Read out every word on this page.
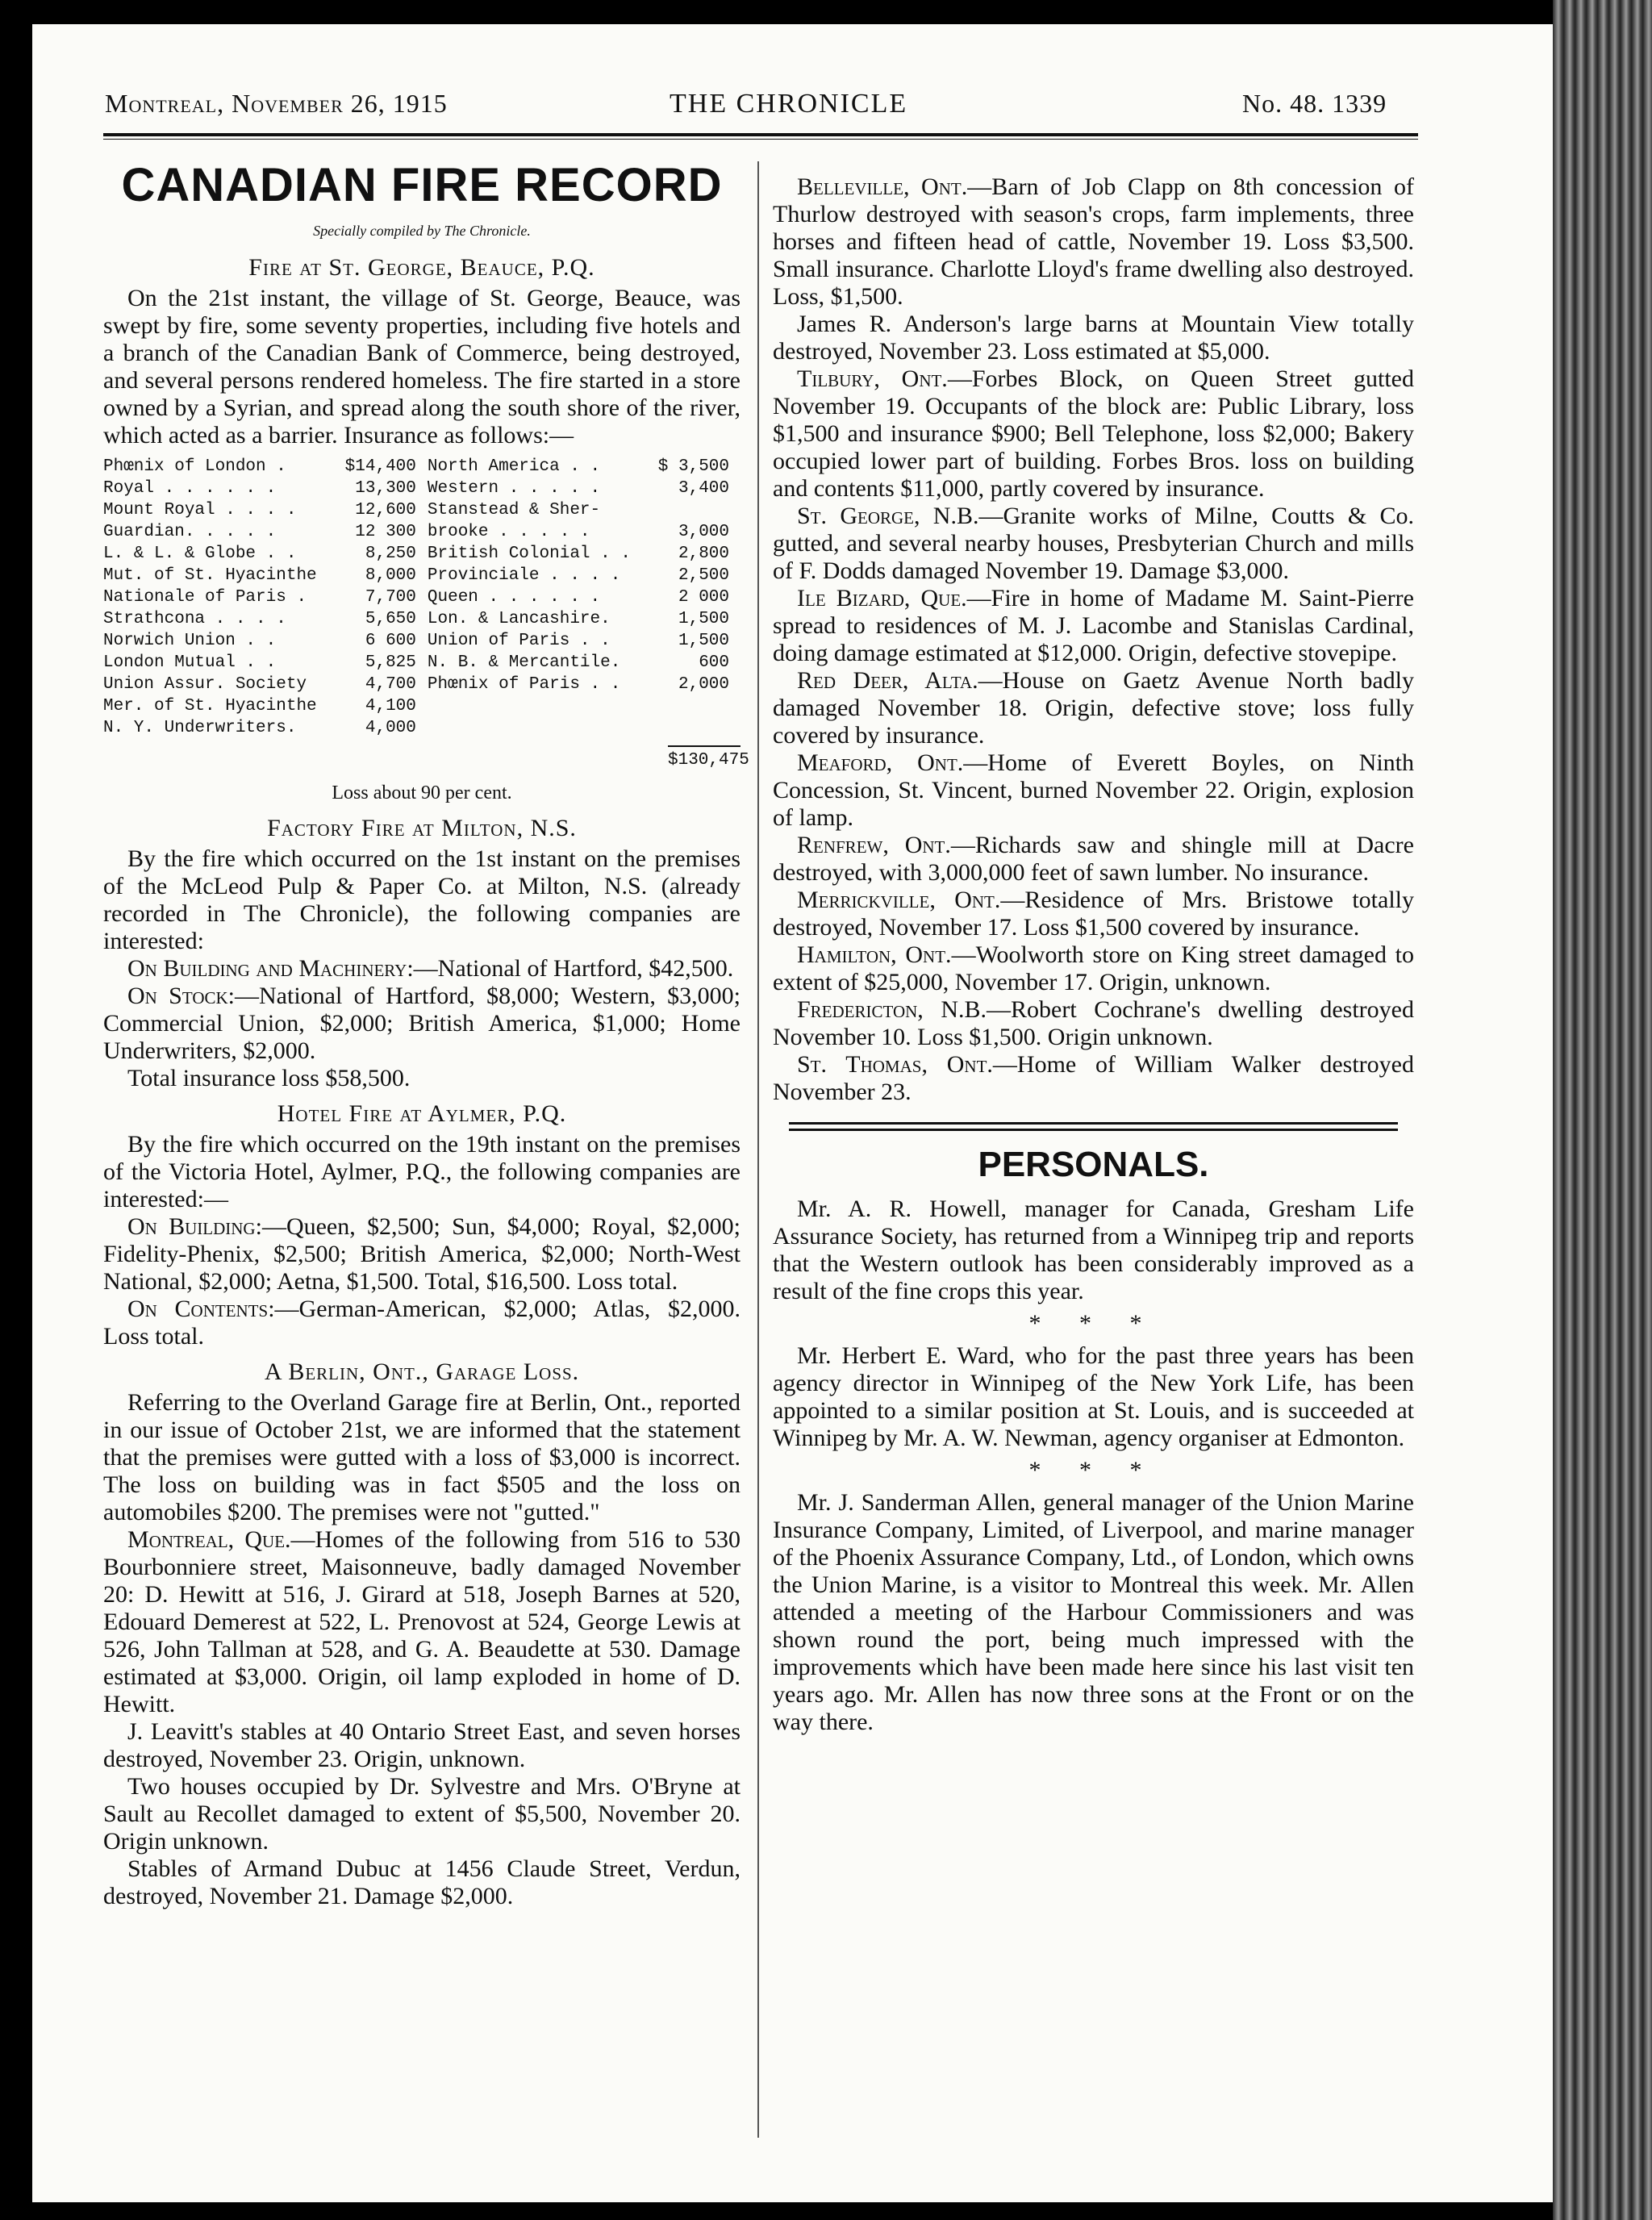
Montreal, November 26, 1915	THE CHRONICLE	No. 48. 1339
CANADIAN FIRE RECORD
Specially compiled by The Chronicle.
Fire at St. George, Beauce, P.Q.

On the 21st instant, the village of St. George, Beauce, was swept by fire, some seventy properties, including five hotels and a branch of the Canadian Bank of Commerce, being destroyed, and several persons rendered homeless. The fire started in a store owned by a Syrian, and spread along the south shore of the river, which acted as a barrier. Insurance as follows:—

Phœnix of London .	$14,400	North America . .	$ 3,500
Royal . . . . . .	13,300	Western . . . . .	3,400
Mount Royal . . . .	12,600	Stanstead & Sher-	
Guardian. . . . .	12 300	brooke . . . . .	3,000
L. & L. & Globe . .	8,250	British Colonial . .	2,800
Mut. of St. Hyacinthe	8,000	Provinciale . . . .	2,500
Nationale of Paris .	7,700	Queen . . . . . .	2 000
Strathcona . . . .	5,650	Lon. & Lancashire.	1,500
Norwich Union . .	6 600	Union of Paris . .	1,500
London Mutual . .	5,825	N. B. & Mercantile.	600
Union Assur. Society	4,700	Phœnix of Paris . .	2,000
Mer. of St. Hyacinthe	4,100		
N. Y. Underwriters.	4,000		
$130,475
Loss about 90 per cent.
Factory Fire at Milton, N.S.

By the fire which occurred on the 1st instant on the premises of the McLeod Pulp & Paper Co. at Milton, N.S. (already recorded in The Chronicle), the following companies are interested:

On Building and Machinery:—National of Hartford, $42,500.

On Stock:—National of Hartford, $8,000; Western, $3,000; Commercial Union, $2,000; British America, $1,000; Home Underwriters, $2,000.

Total insurance loss $58,500.

Hotel Fire at Aylmer, P.Q.

By the fire which occurred on the 19th instant on the premises of the Victoria Hotel, Aylmer, P.Q., the following companies are interested:—

On Building:—Queen, $2,500; Sun, $4,000; Royal, $2,000; Fidelity-Phenix, $2,500; British America, $2,000; North-West National, $2,000; Aetna, $1,500. Total, $16,500. Loss total.

On Contents:—German-American, $2,000; Atlas, $2,000. Loss total.

A Berlin, Ont., Garage Loss.

Referring to the Overland Garage fire at Berlin, Ont., reported in our issue of October 21st, we are informed that the statement that the premises were gutted with a loss of $3,000 is incorrect. The loss on building was in fact $505 and the loss on automobiles $200. The premises were not "gutted."

Montreal, Que.—Homes of the following from 516 to 530 Bourbonniere street, Maisonneuve, badly damaged November 20: D. Hewitt at 516, J. Girard at 518, Joseph Barnes at 520, Edouard Demerest at 522, L. Prenovost at 524, George Lewis at 526, John Tallman at 528, and G. A. Beaudette at 530. Damage estimated at $3,000. Origin, oil lamp exploded in home of D. Hewitt.

J. Leavitt's stables at 40 Ontario Street East, and seven horses destroyed, November 23. Origin, unknown.

Two houses occupied by Dr. Sylvestre and Mrs. O'Bryne at Sault au Recollet damaged to extent of $5,500, November 20. Origin unknown.

Stables of Armand Dubuc at 1456 Claude Street, Verdun, destroyed, November 21. Damage $2,000.

Belleville, Ont.—Barn of Job Clapp on 8th concession of Thurlow destroyed with season's crops, farm implements, three horses and fifteen head of cattle, November 19. Loss $3,500. Small insurance. Charlotte Lloyd's frame dwelling also destroyed. Loss, $1,500.

James R. Anderson's large barns at Mountain View totally destroyed, November 23. Loss estimated at $5,000.

Tilbury, Ont.—Forbes Block, on Queen Street gutted November 19. Occupants of the block are: Public Library, loss $1,500 and insurance $900; Bell Telephone, loss $2,000; Bakery occupied lower part of building. Forbes Bros. loss on building and contents $11,000, partly covered by insurance.

St. George, N.B.—Granite works of Milne, Coutts & Co. gutted, and several nearby houses, Presbyterian Church and mills of F. Dodds damaged November 19. Damage $3,000.

Ile Bizard, Que.—Fire in home of Madame M. Saint-Pierre spread to residences of M. J. Lacombe and Stanislas Cardinal, doing damage estimated at $12,000. Origin, defective stovepipe.

Red Deer, Alta.—House on Gaetz Avenue North badly damaged November 18. Origin, defective stove; loss fully covered by insurance.

Meaford, Ont.—Home of Everett Boyles, on Ninth Concession, St. Vincent, burned November 22. Origin, explosion of lamp.

Renfrew, Ont.—Richards saw and shingle mill at Dacre destroyed, with 3,000,000 feet of sawn lumber. No insurance.

Merrickville, Ont.—Residence of Mrs. Bristowe totally destroyed, November 17. Loss $1,500 covered by insurance.

Hamilton, Ont.—Woolworth store on King street damaged to extent of $25,000, November 17. Origin, unknown.

Fredericton, N.B.—Robert Cochrane's dwelling destroyed November 10. Loss $1,500. Origin unknown.

St. Thomas, Ont.—Home of William Walker destroyed November 23.

PERSONALS.

Mr. A. R. Howell, manager for Canada, Gresham Life Assurance Society, has returned from a Winnipeg trip and reports that the Western outlook has been considerably improved as a result of the fine crops this year.

* * *

Mr. Herbert E. Ward, who for the past three years has been agency director in Winnipeg of the New York Life, has been appointed to a similar position at St. Louis, and is succeeded at Winnipeg by Mr. A. W. Newman, agency organiser at Edmonton.

* * *

Mr. J. Sanderman Allen, general manager of the Union Marine Insurance Company, Limited, of Liverpool, and marine manager of the Phoenix Assurance Company, Ltd., of London, which owns the Union Marine, is a visitor to Montreal this week. Mr. Allen attended a meeting of the Harbour Commissioners and was shown round the port, being much impressed with the improvements which have been made here since his last visit ten years ago. Mr. Allen has now three sons at the Front or on the way there.
